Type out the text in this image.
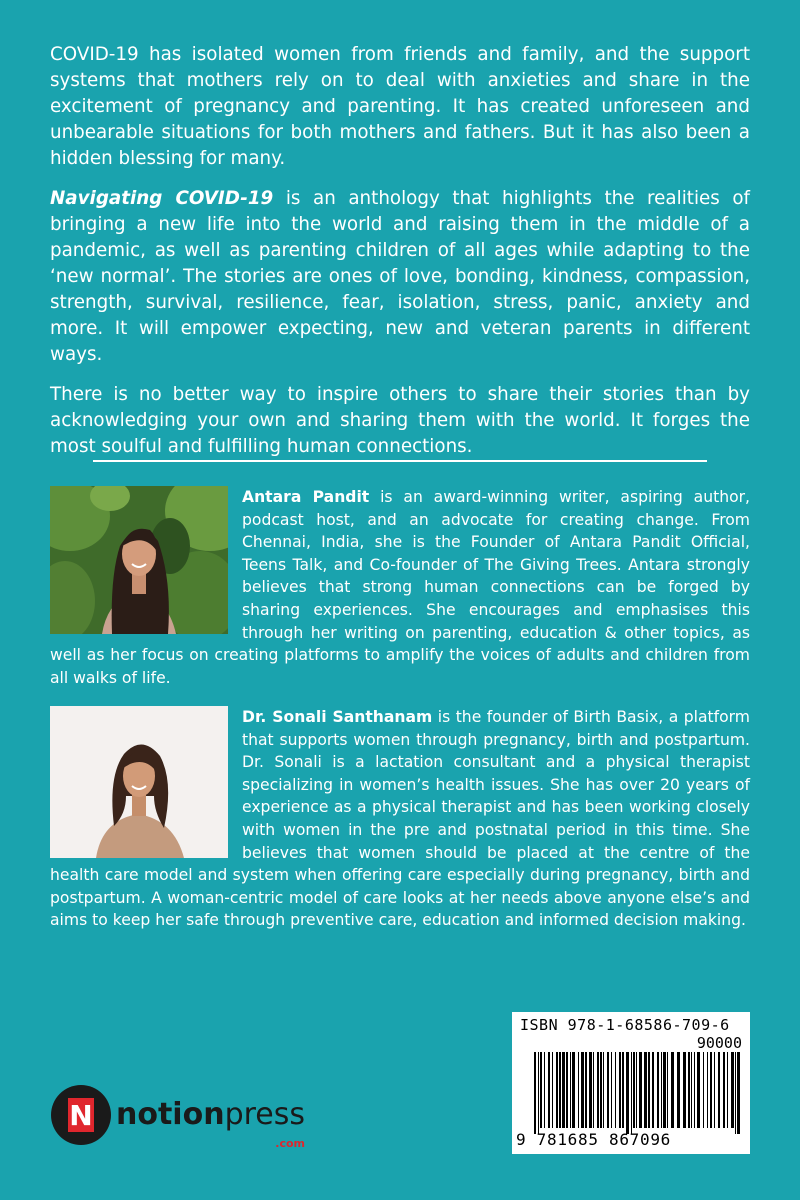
COVID-19 has isolated women from friends and family, and the support systems that mothers rely on to deal with anxieties and share in the excitement of pregnancy and parenting. It has created unforeseen and unbearable situations for both mothers and fathers. But it has also been a hidden blessing for many.

Navigating COVID-19 is an anthology that highlights the realities of bringing a new life into the world and raising them in the middle of a pandemic, as well as parenting children of all ages while adapting to the ‘new normal’. The stories are ones of love, bonding, kindness, compassion, strength, survival, resilience, fear, isolation, stress, panic, anxiety and more. It will empower expecting, new and veteran parents in different ways.

There is no better way to inspire others to share their stories than by acknowledging your own and sharing them with the world. It forges the most soulful and fulfilling human connections.

Antara Pandit is an award-winning writer, aspiring author, podcast host, and an advocate for creating change. From Chennai, India, she is the Founder of Antara Pandit Official, Teens Talk, and Co-founder of The Giving Trees. Antara strongly believes that strong human connections can be forged by sharing experiences. She encourages and emphasises this through her writing on parenting, education & other topics, as well as her focus on creating platforms to amplify the voices of adults and children from all walks of life.
Dr. Sonali Santhanam is the founder of Birth Basix, a platform that supports women through pregnancy, birth and postpartum. Dr. Sonali is a lactation consultant and a physical therapist specializing in women’s health issues. She has over 20 years of experience as a physical therapist and has been working closely with women in the pre and postnatal period in this time. She believes that women should be placed at the centre of the health care model and system when offering care especially during pregnancy, birth and postpartum. A woman-centric model of care looks at her needs above anyone else’s and aims to keep her safe through preventive care, education and informed decision making.
ISBN 978-1-68586-709-6
90000
9 781685 867096
N notionpress
.com
